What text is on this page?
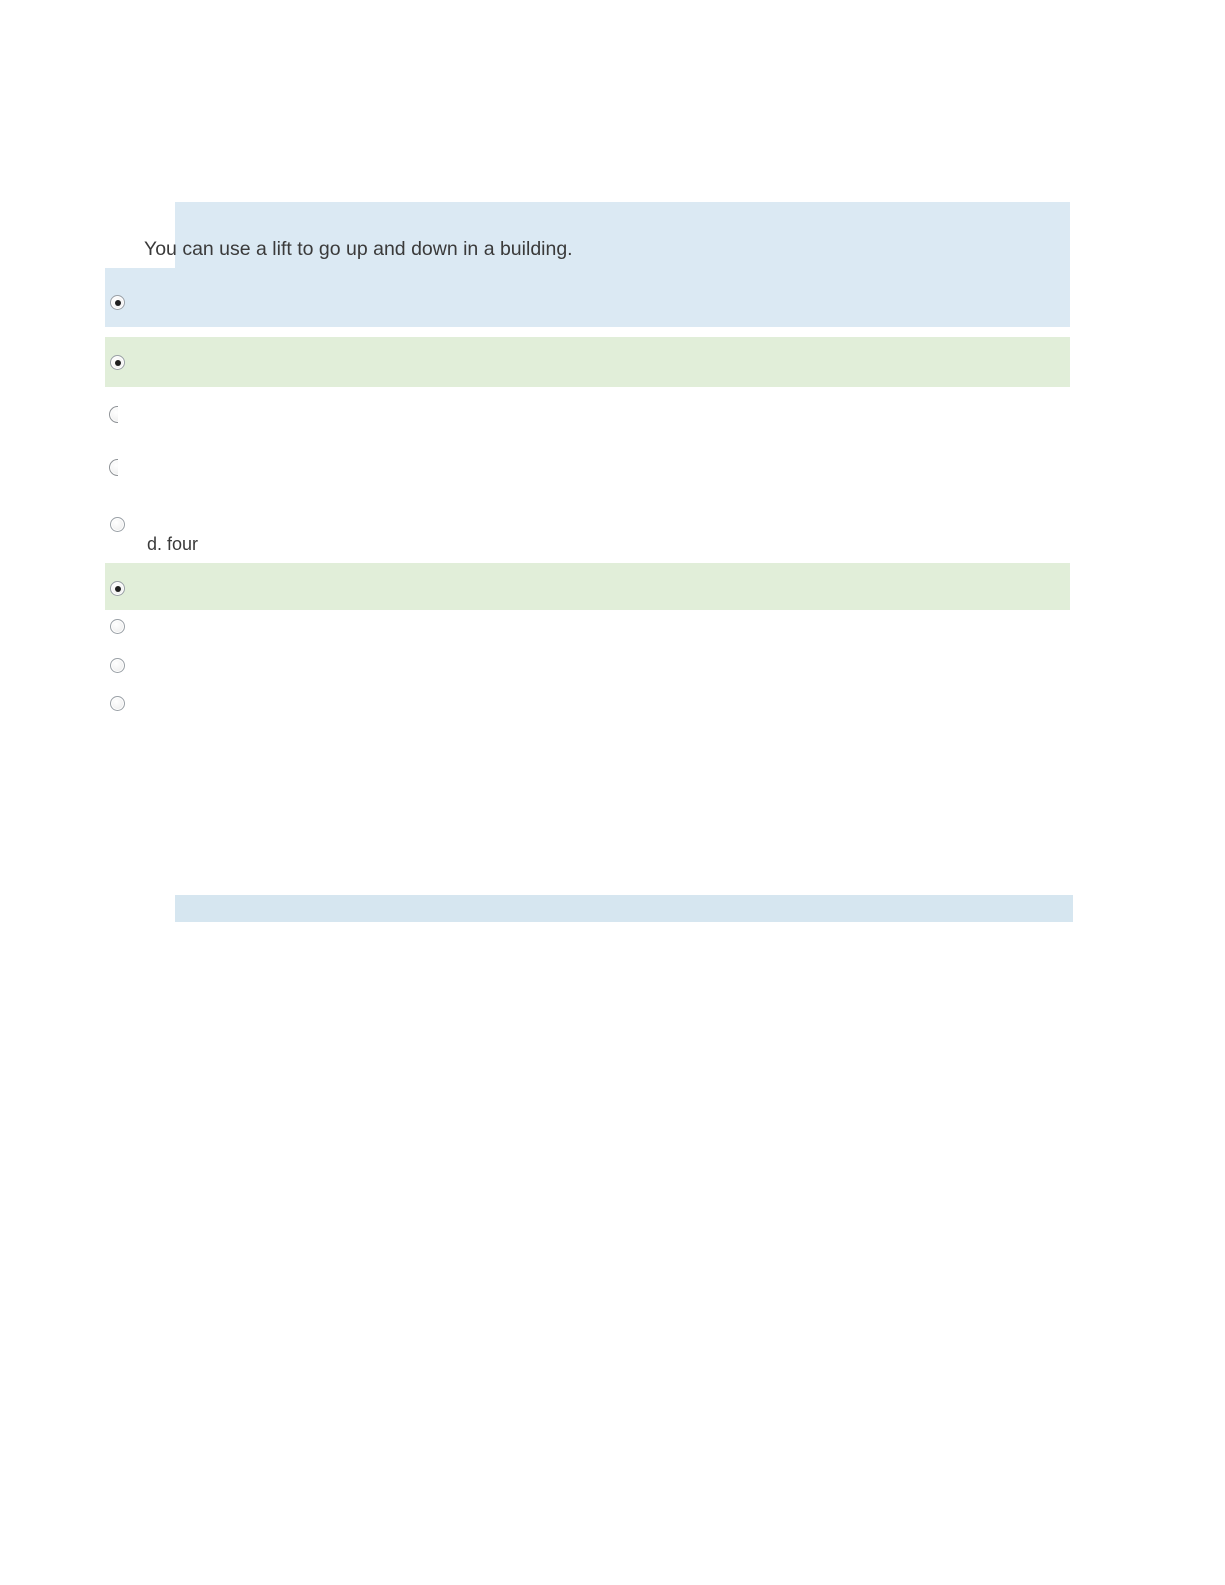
You can use a lift to go up and down in a building.
d. four
